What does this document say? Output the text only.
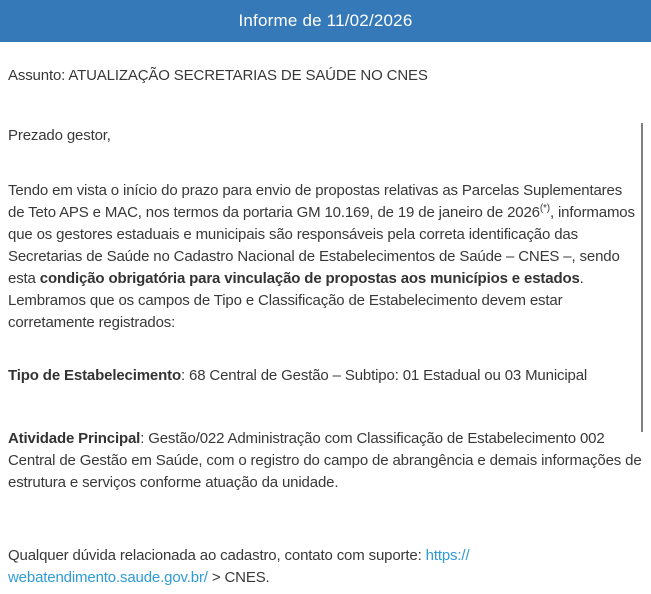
Informe de 11/02/2026

Assunto: ATUALIZAÇÃO SECRETARIAS DE SAÚDE NO CNES

Prezado gestor,

Tendo em vista o início do prazo para envio de propostas relativas as Parcelas Suplementares de Teto APS e MAC, nos termos da portaria GM 10.169, de 19 de janeiro de 2026(*), informamos que os gestores estaduais e municipais são responsáveis pela correta identificação das Secretarias de Saúde no Cadastro Nacional de Estabelecimentos de Saúde – CNES –, sendo esta condição obrigatória para vinculação de propostas aos municípios e estados. Lembramos que os campos de Tipo e Classificação de Estabelecimento devem estar corretamente registrados:

Tipo de Estabelecimento: 68 Central de Gestão – Subtipo: 01 Estadual ou 03 Municipal

Atividade Principal: Gestão/022 Administração com Classificação de Estabelecimento 002 Central de Gestão em Saúde, com o registro do campo de abrangência e demais informações de estrutura e serviços conforme atuação da unidade.

Qualquer dúvida relacionada ao cadastro, contato com suporte: https://
webatendimento.saude.gov.br/ > CNES.
